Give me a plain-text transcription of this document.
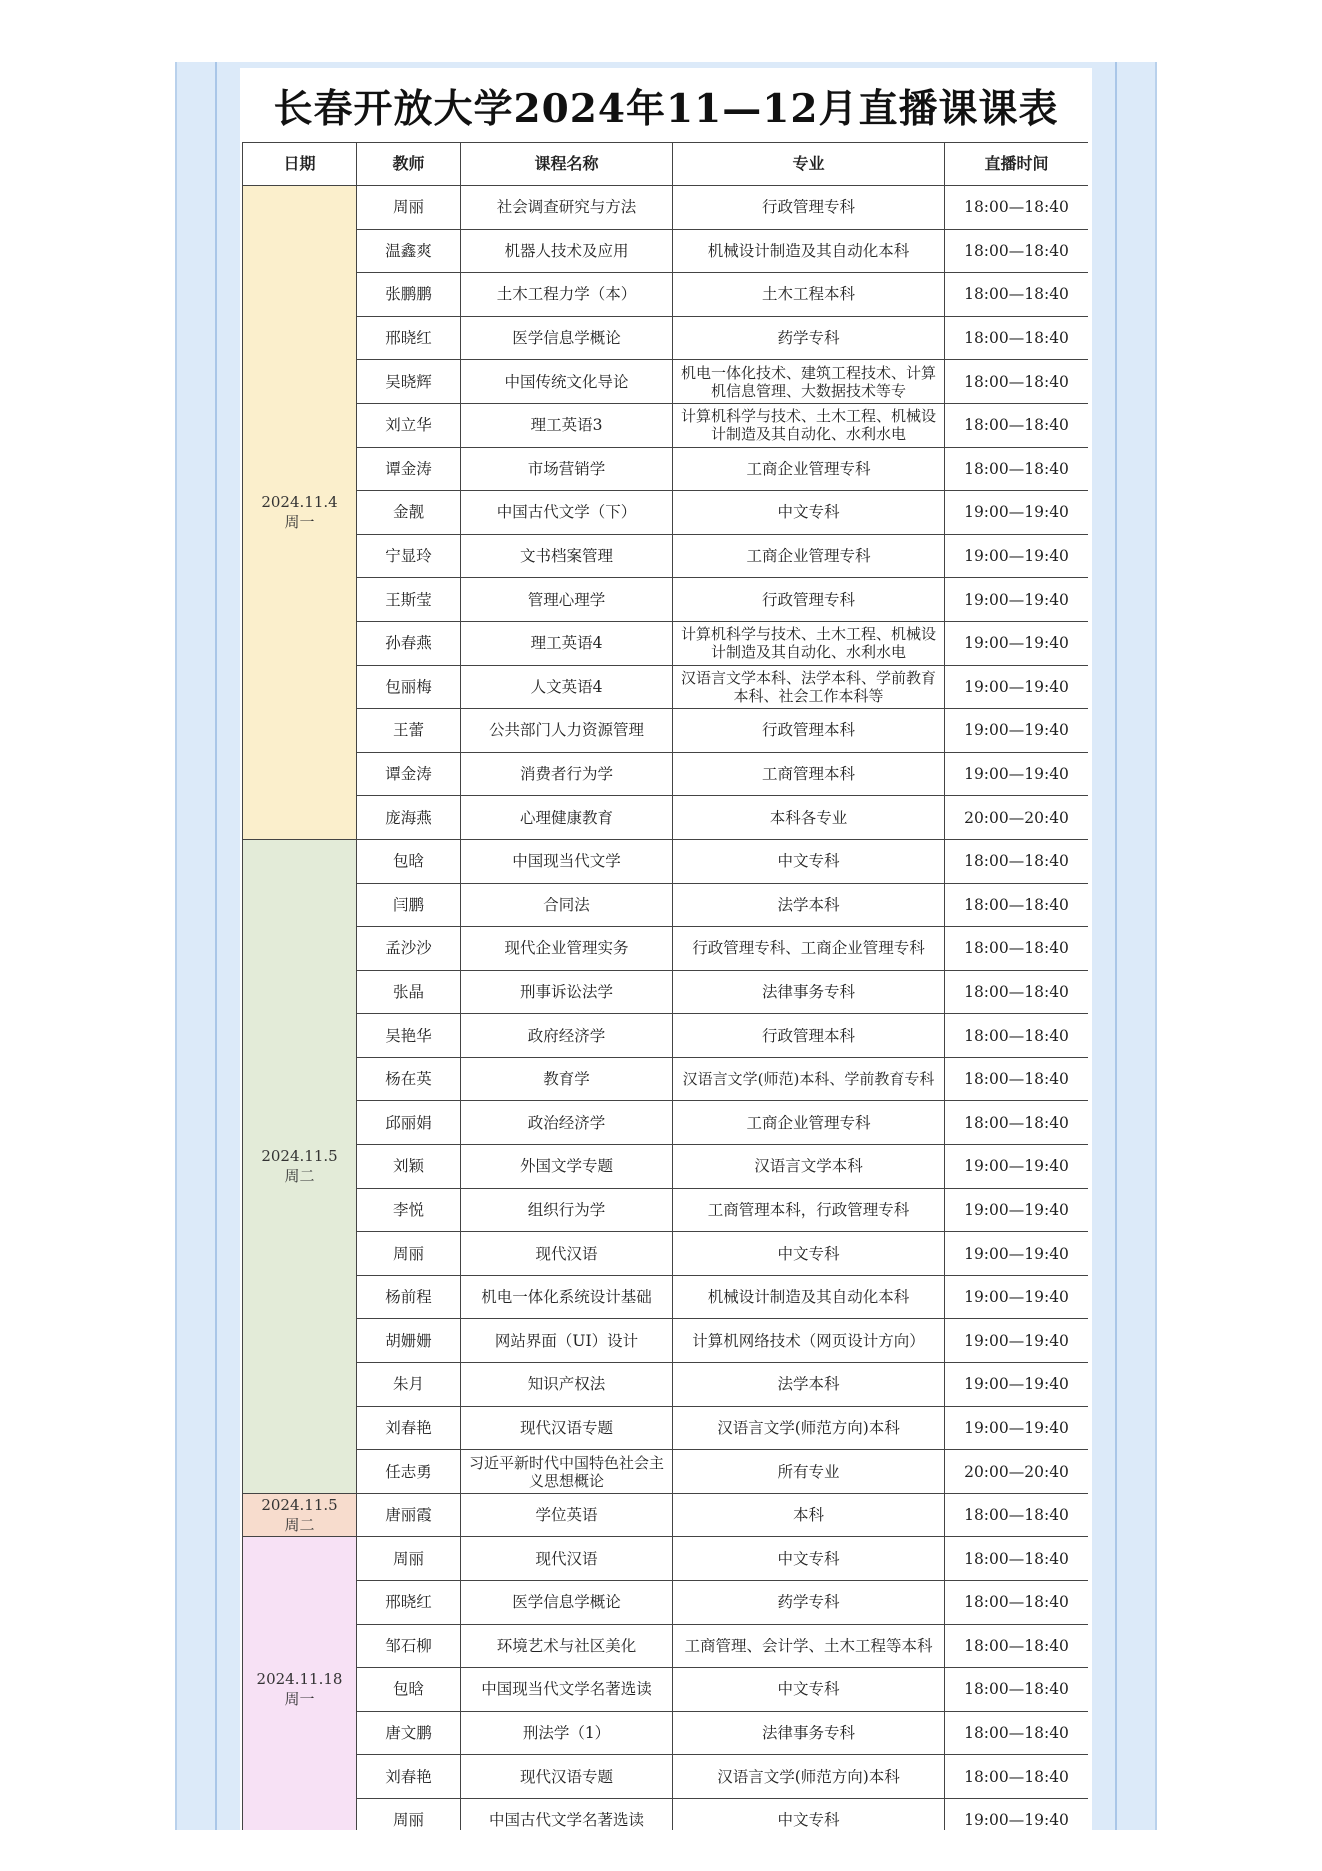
长春开放大学2024年11—12月直播课课表
日期	教师	课程名称	专业	直播时间

2024.11.4
周一	周丽	社会调查研究与方法	行政管理专科	18:00—18:40
	温鑫爽	机器人技术及应用	机械设计制造及其自动化本科	18:00—18:40
	张鹏鹏	土木工程力学（本）	土木工程本科	18:00—18:40
	邢晓红	医学信息学概论	药学专科	18:00—18:40
	吴晓辉	中国传统文化导论	机电一体化技术、建筑工程技术、计算机信息管理、大数据技术等专	18:00—18:40
	刘立华	理工英语3	计算机科学与技术、土木工程、机械设计制造及其自动化、水利水电	18:00—18:40
	谭金涛	市场营销学	工商企业管理专科	18:00—18:40
	金靓	中国古代文学（下）	中文专科	19:00—19:40
	宁显玲	文书档案管理	工商企业管理专科	19:00—19:40
	王斯莹	管理心理学	行政管理专科	19:00—19:40
	孙春燕	理工英语4	计算机科学与技术、土木工程、机械设计制造及其自动化、水利水电	19:00—19:40
	包丽梅	人文英语4	汉语言文学本科、法学本科、学前教育本科、社会工作本科等	19:00—19:40
	王蕾	公共部门人力资源管理	行政管理本科	19:00—19:40
	谭金涛	消费者行为学	工商管理本科	19:00—19:40
	庞海燕	心理健康教育	本科各专业	20:00—20:40

2024.11.5
周二	包晗	中国现当代文学	中文专科	18:00—18:40
	闫鹏	合同法	法学本科	18:00—18:40
	孟沙沙	现代企业管理实务	行政管理专科、工商企业管理专科	18:00—18:40
	张晶	刑事诉讼法学	法律事务专科	18:00—18:40
	吴艳华	政府经济学	行政管理本科	18:00—18:40
	杨在英	教育学	汉语言文学(师范)本科、学前教育专科	18:00—18:40
	邱丽娟	政治经济学	工商企业管理专科	18:00—18:40
	刘颖	外国文学专题	汉语言文学本科	19:00—19:40
	李悦	组织行为学	工商管理本科，行政管理专科	19:00—19:40
	周丽	现代汉语	中文专科	19:00—19:40
	杨前程	机电一体化系统设计基础	机械设计制造及其自动化本科	19:00—19:40
	胡姗姗	网站界面（UI）设计	计算机网络技术（网页设计方向）	19:00—19:40
	朱月	知识产权法	法学本科	19:00—19:40
	刘春艳	现代汉语专题	汉语言文学(师范方向)本科	19:00—19:40
	任志勇	习近平新时代中国特色社会主义思想概论	所有专业	20:00—20:40

2024.11.5
周二	唐丽霞	学位英语	本科	18:00—18:40

2024.11.18
周一	周丽	现代汉语	中文专科	18:00—18:40
	邢晓红	医学信息学概论	药学专科	18:00—18:40
	邹石柳	环境艺术与社区美化	工商管理、会计学、土木工程等本科	18:00—18:40
	包晗	中国现当代文学名著选读	中文专科	18:00—18:40
	唐文鹏	刑法学（1）	法律事务专科	18:00—18:40
	刘春艳	现代汉语专题	汉语言文学(师范方向)本科	18:00—18:40
	周丽	中国古代文学名著选读	中文专科	19:00—19:40
